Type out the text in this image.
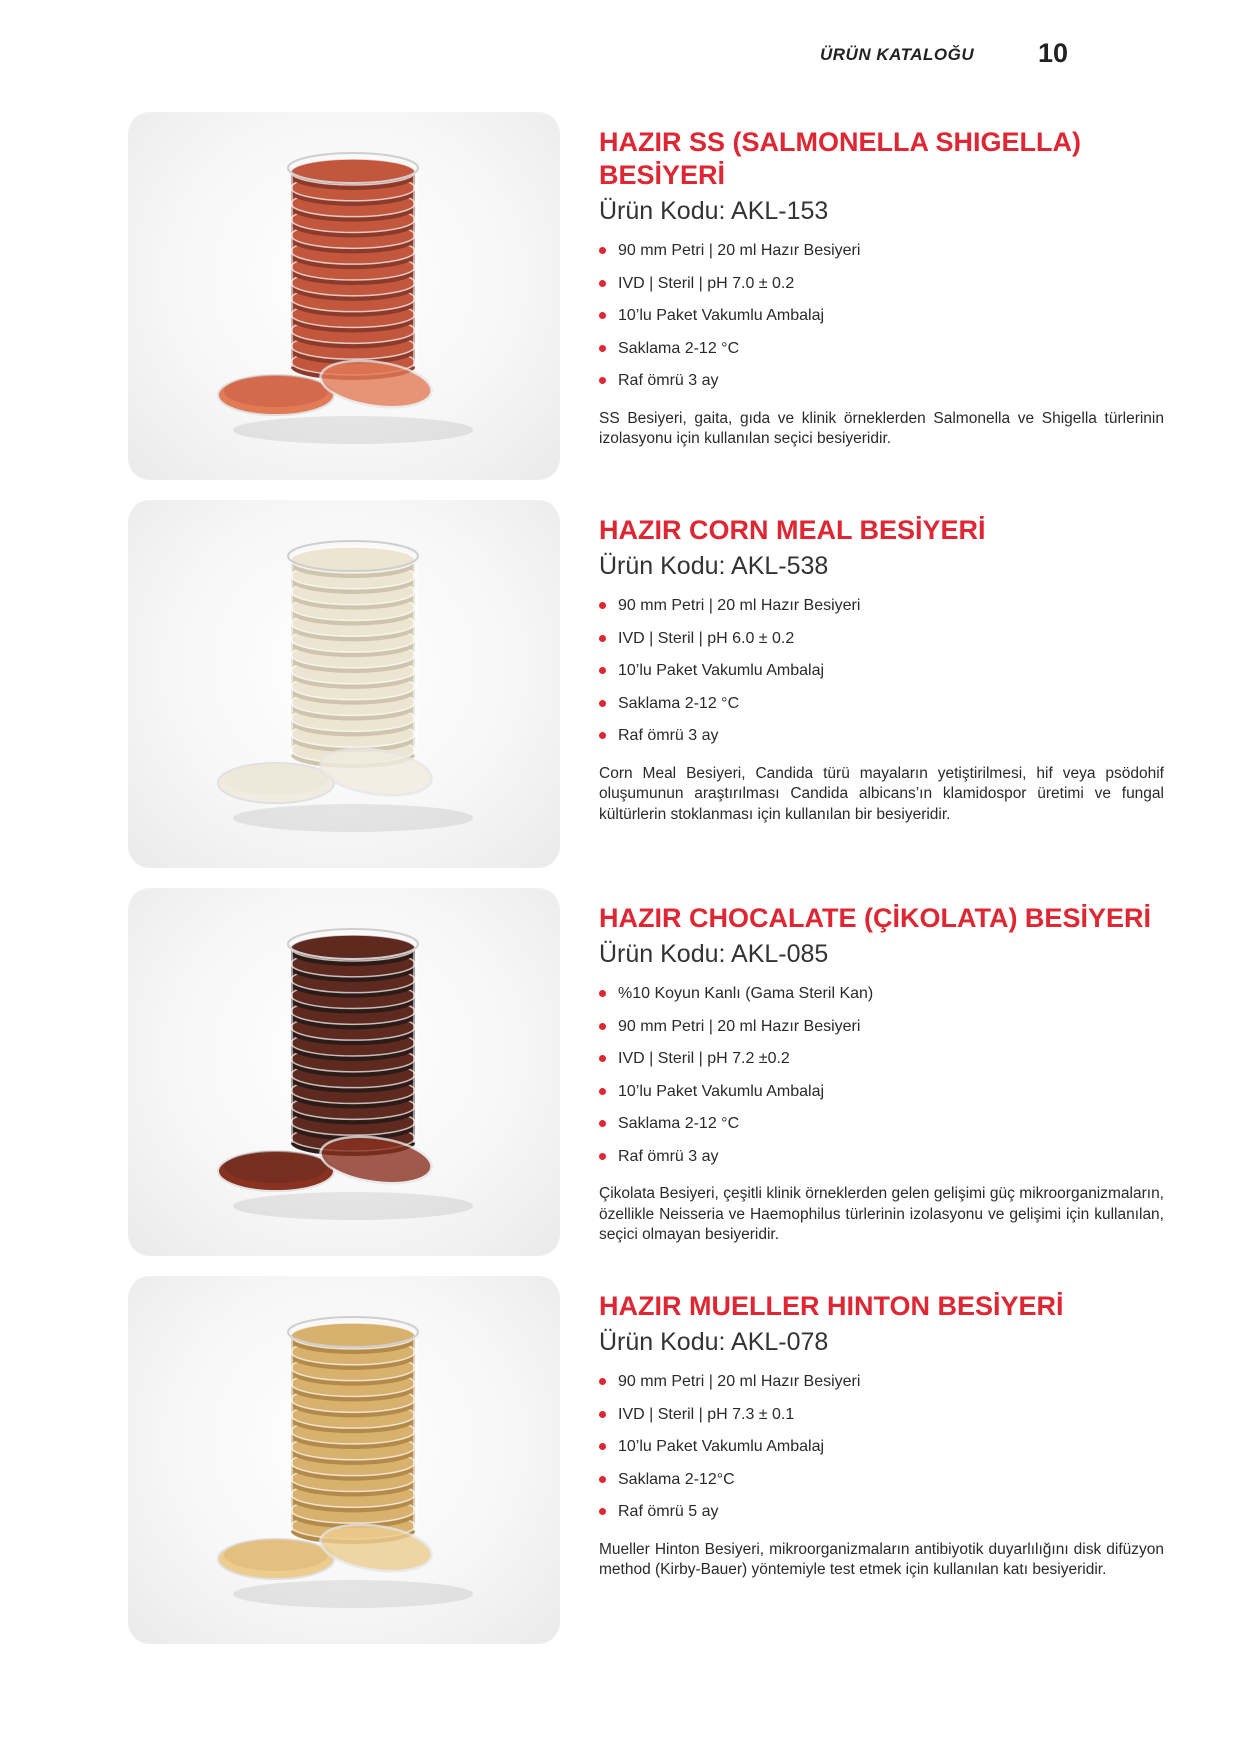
ÜRÜN KATALOĞU 10
HAZIR SS (SALMONELLA SHIGELLA) BESİYERİ
Ürün Kodu: AKL-153
90 mm Petri | 20 ml Hazır Besiyeri
IVD | Steril | pH 7.0 ± 0.2
10’lu Paket Vakumlu Ambalaj
Saklama 2-12 °C
Raf ömrü 3 ay

SS Besiyeri, gaita, gıda ve klinik örneklerden Salmonella ve Shigella türlerinin izolasyonu için kullanılan seçici besiyeridir.

HAZIR CORN MEAL BESİYERİ
Ürün Kodu: AKL-538
90 mm Petri | 20 ml Hazır Besiyeri
IVD | Steril | pH 6.0 ± 0.2
10’lu Paket Vakumlu Ambalaj
Saklama 2-12 °C
Raf ömrü 3 ay

Corn Meal Besiyeri, Candida türü mayaların yetiştirilmesi, hif veya psödohif oluşumunun araştırılması Candida albicans’ın klamidospor üretimi ve fungal kültürlerin stoklanması için kullanılan bir besiyeridir.

HAZIR CHOCALATE (ÇİKOLATA) BESİYERİ
Ürün Kodu: AKL-085
%10 Koyun Kanlı (Gama Steril Kan)
90 mm Petri | 20 ml Hazır Besiyeri
IVD | Steril | pH 7.2 ±0.2
10’lu Paket Vakumlu Ambalaj
Saklama 2-12 °C
Raf ömrü 3 ay

Çikolata Besiyeri, çeşitli klinik örneklerden gelen gelişimi güç mikroorganizmaların, özellikle Neisseria ve Haemophilus türlerinin izolasyonu ve gelişimi için kullanılan, seçici olmayan besiyeridir.

HAZIR MUELLER HINTON BESİYERİ
Ürün Kodu: AKL-078
90 mm Petri | 20 ml Hazır Besiyeri
IVD | Steril | pH 7.3 ± 0.1
10’lu Paket Vakumlu Ambalaj
Saklama 2-12°C
Raf ömrü 5 ay

Mueller Hinton Besiyeri, mikroorganizmaların antibiyotik duyarlılığını disk difüzyon method (Kirby-Bauer) yöntemiyle test etmek için kullanılan katı besiyeridir.
